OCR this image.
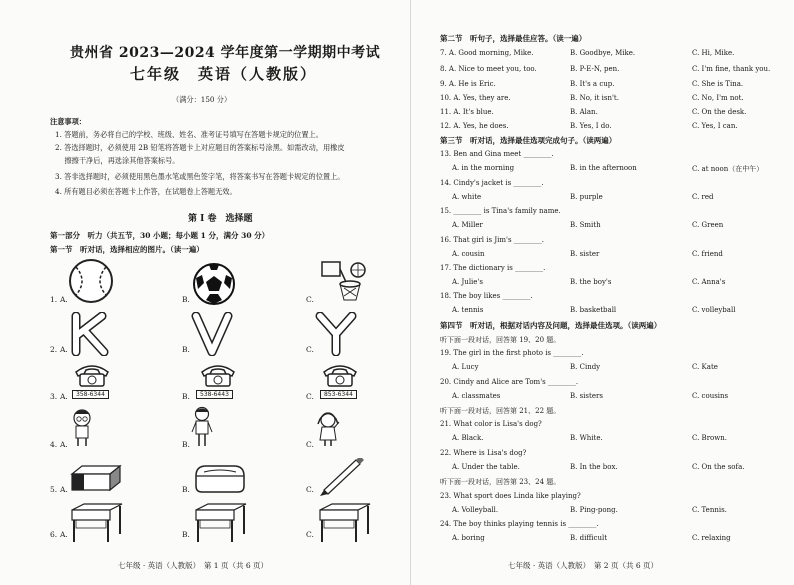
贵州省 2023—2024 学年度第一学期期中考试
七年级　英语（人教版）
（满分：150 分）
注意事项：
1. 答题前，务必将自己的学校、班级、姓名、准考证号填写在答题卡规定的位置上。
2. 答选择题时，必须使用 2B 铅笔将答题卡上对应题目的答案标号涂黑。如需改动，用橡皮
　 擦擦干净后，再选涂其他答案标号。
3. 答非选择题时，必须使用黑色墨水笔或黑色签字笔，将答案书写在答题卡规定的位置上。
4. 所有题目必须在答题卡上作答，在试题卷上答题无效。
第 I 卷　选择题
第一部分　听力（共五节，30 小题；每小题 1 分，满分 30 分）
第一节　听对话，选择相应的图片。（读一遍）
1. A.	B.	C.
2. A.	B.	C.
3. A.	358-6344	B.	538-6443	C.	853-6344
4. A.	B.	C.
5. A.	B.	C.
6. A.	B.	C.
七年级 · 英语（人教版）　第 1 页（共 6 页）
第二节　听句子，选择最佳应答。（读一遍）
7. A. Good morning, Mike.	B. Goodbye, Mike.	C. Hi, Mike.
8. A. Nice to meet you, too.	B. P-E-N, pen.	C. I'm fine, thank you.
9. A. He is Eric.	B. It's a cup.	C. She is Tina.
10. A. Yes, they are.	B. No, it isn't.	C. No, I'm not.
11. A. It's blue.	B. Alan.	C. On the desk.
12. A. Yes, he does.	B. Yes, I do.	C. Yes, I can.
第三节　听对话，选择最佳选项完成句子。（读两遍）
13. Ben and Gina meet ________.
A. in the morning	B. in the afternoon	C. at noon（在中午）
14. Cindy's jacket is ________.
A. white	B. purple	C. red
15. ________ is Tina's family name.
A. Miller	B. Smith	C. Green
16. That girl is Jim's ________.
A. cousin	B. sister	C. friend
17. The dictionary is ________.
A. Julie's	B. the boy's	C. Anna's
18. The boy likes ________.
A. tennis	B. basketball	C. volleyball
第四节　听对话，根据对话内容及问题，选择最佳选项。（读两遍）
听下面一段对话，回答第 19、20 题。
19. The girl in the first photo is ________.
A. Lucy	B. Cindy	C. Kate
20. Cindy and Alice are Tom's ________.
A. classmates	B. sisters	C. cousins
听下面一段对话，回答第 21、22 题。
21. What color is Lisa's dog?
A. Black.	B. White.	C. Brown.
22. Where is Lisa's dog?
A. Under the table.	B. In the box.	C. On the sofa.
听下面一段对话，回答第 23、24 题。
23. What sport does Linda like playing?
A. Volleyball.	B. Ping-pong.	C. Tennis.
24. The boy thinks playing tennis is ________.
A. boring	B. difficult	C. relaxing
七年级 · 英语（人教版）　第 2 页（共 6 页）
